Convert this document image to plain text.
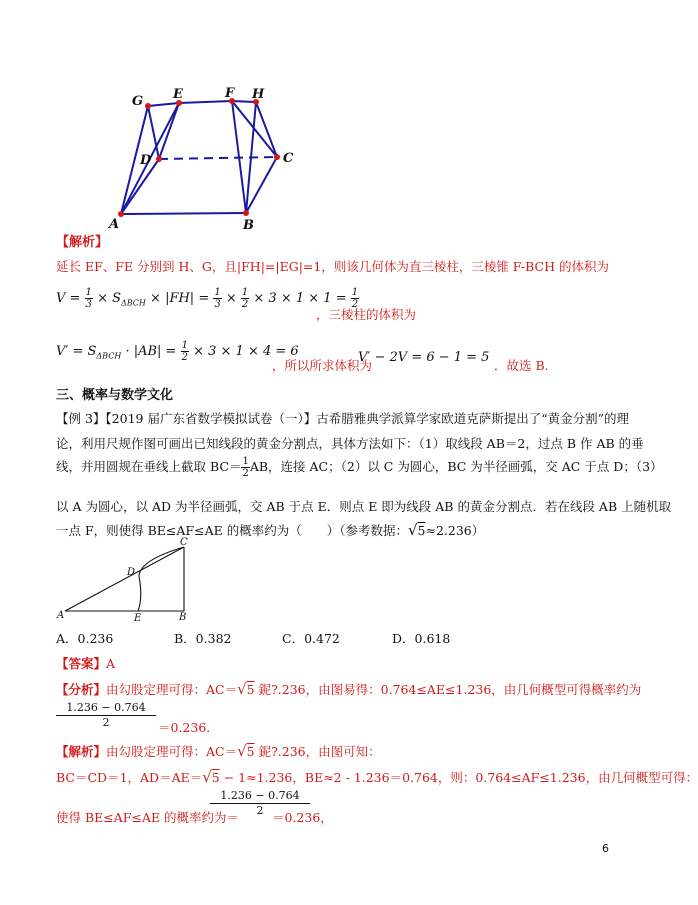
G E	F H
D	C
A	B
【解析】
延长 EF、FE 分别到 H、G，且|FH|=|EG|=1，则该几何体为直三棱柱，三棱锥 F-BCH 的体积为
$V = \frac{1}{3} \times S_{\Delta BCH} \times |FH| = \frac{1}{3} \times \frac{1}{2} \times 3 \times 1 \times 1 = \frac{1}{2}$
，三棱柱的体积为
$V' = S_{\Delta BCH} \cdot |AB| = \frac{1}{2} \times 3 \times 1 \times 4 = 6$
，所以所求体积为
V′ − 2V = 6 − 1 = 5
．故选 B.
三、概率与数学文化
【例 3】【2019 届广东省数学模拟试卷（一）】古希腊雅典学派算学家欧道克萨斯提出了“黄金分割”的理
论，利用尺规作图可画出已知线段的黄金分割点，具体方法如下：（1）取线段 AB＝2，过点 B 作 AB 的垂
线，并用圆规在垂线上截取 $BC= \frac{1}{2}$ AB，连接 AC；（2）以 C 为圆心，BC 为半径画弧，交 AC 于点 D；（3）
以 A 为圆心，以 AD 为半径画弧，交 AB 于点 E．则点 E 即为线段 AB 的黄金分割点．若在线段 AB 上随机取
一点 F，则使得 BE≤AF≤AE 的概率约为（　　）（参考数据：√5≈2.236）
A	E	B
D
C
A．0.236	B．0.382	C．0.472	D．0.618
【答案】A
【分析】由勾股定理可得：AC＝√5 鈮?.236，由图易得：0.764≤AE≤1.236，由几何概型可得概率约为
$\frac{1.236 - 0.764}{2} =0.236$.
【解析】由勾股定理可得：AC＝√5 鈮?.236，由图可知：
BC＝CD＝1，AD＝AE＝√5 − 1≈1.236，BE≈2 - 1.236＝0.764，则：0.764≤AF≤1.236，由几何概型可得：
使得 BE≤AF≤AE 的概率约为＝
$\frac{1.236 - 0.764}{2}$
＝0.236，
6
